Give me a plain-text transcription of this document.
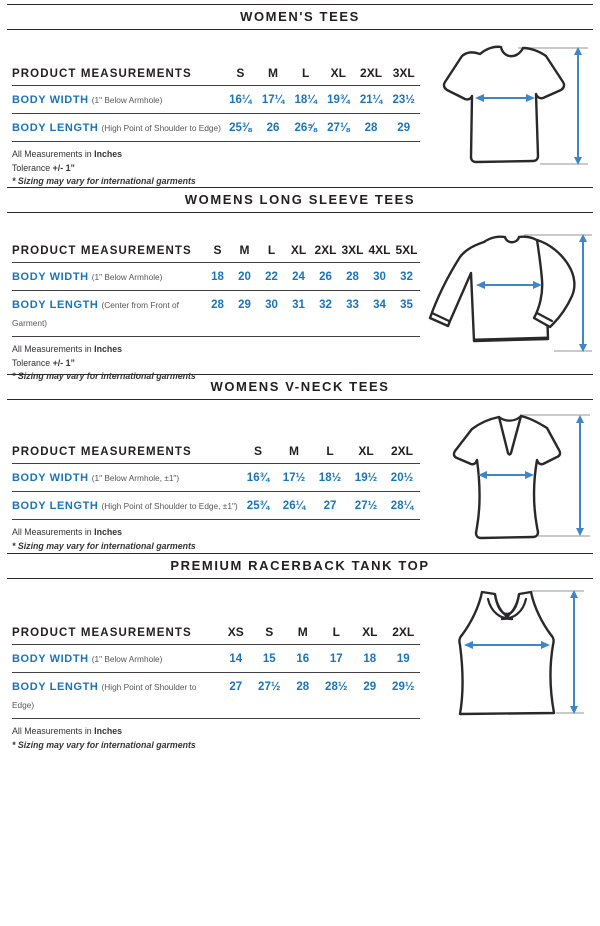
WOMEN'S TEES
PRODUCT MEASUREMENTS	S	M	L	XL	2XL 3XL
BODY WIDTH (1" Below Armhole)	16¼ 17¼ 18¼ 19¾ 21¼ 23½
BODY LENGTH (High Point of Shoulder to Edge) 25⅜	26	26⅝ 27⅛	28	29
All Measurements in Inches
Tolerance +/- 1”
* Sizing may vary for international garments
WOMENS LONG SLEEVE TEES
PRODUCT MEASUREMENTS	S	M	L	XL 2XL 3XL 4XL 5XL
BODY WIDTH (1" Below Armhole)	18	20	22	24	26	28	30	32
BODY LENGTH (Center from Front of Garment)
28	29	30	31	32	33	34	35
All Measurements in Inches
Tolerance +/- 1”
* Sizing may vary for international garments
WOMENS V-NECK TEES
PRODUCT MEASUREMENTS	S	M	L	XL	2XL
BODY WIDTH (1" Below Armhole, ±1")	16¾	17½	18½	19½	20½
BODY LENGTH (High Point of Shoulder to Edge, ±1") 25¾	26¼	27	27½	28¼
All Measurements in Inches
* Sizing may vary for international garments
PREMIUM RACERBACK TANK TOP
PRODUCT MEASUREMENTS	XS	S	M	L	XL	2XL
BODY WIDTH (1" Below Armhole)	14	15	16	17	18	19
BODY LENGTH (High Point of Shoulder to Edge)
27	27½	28	28½	29	29½
All Measurements in Inches
* Sizing may vary for international garments
